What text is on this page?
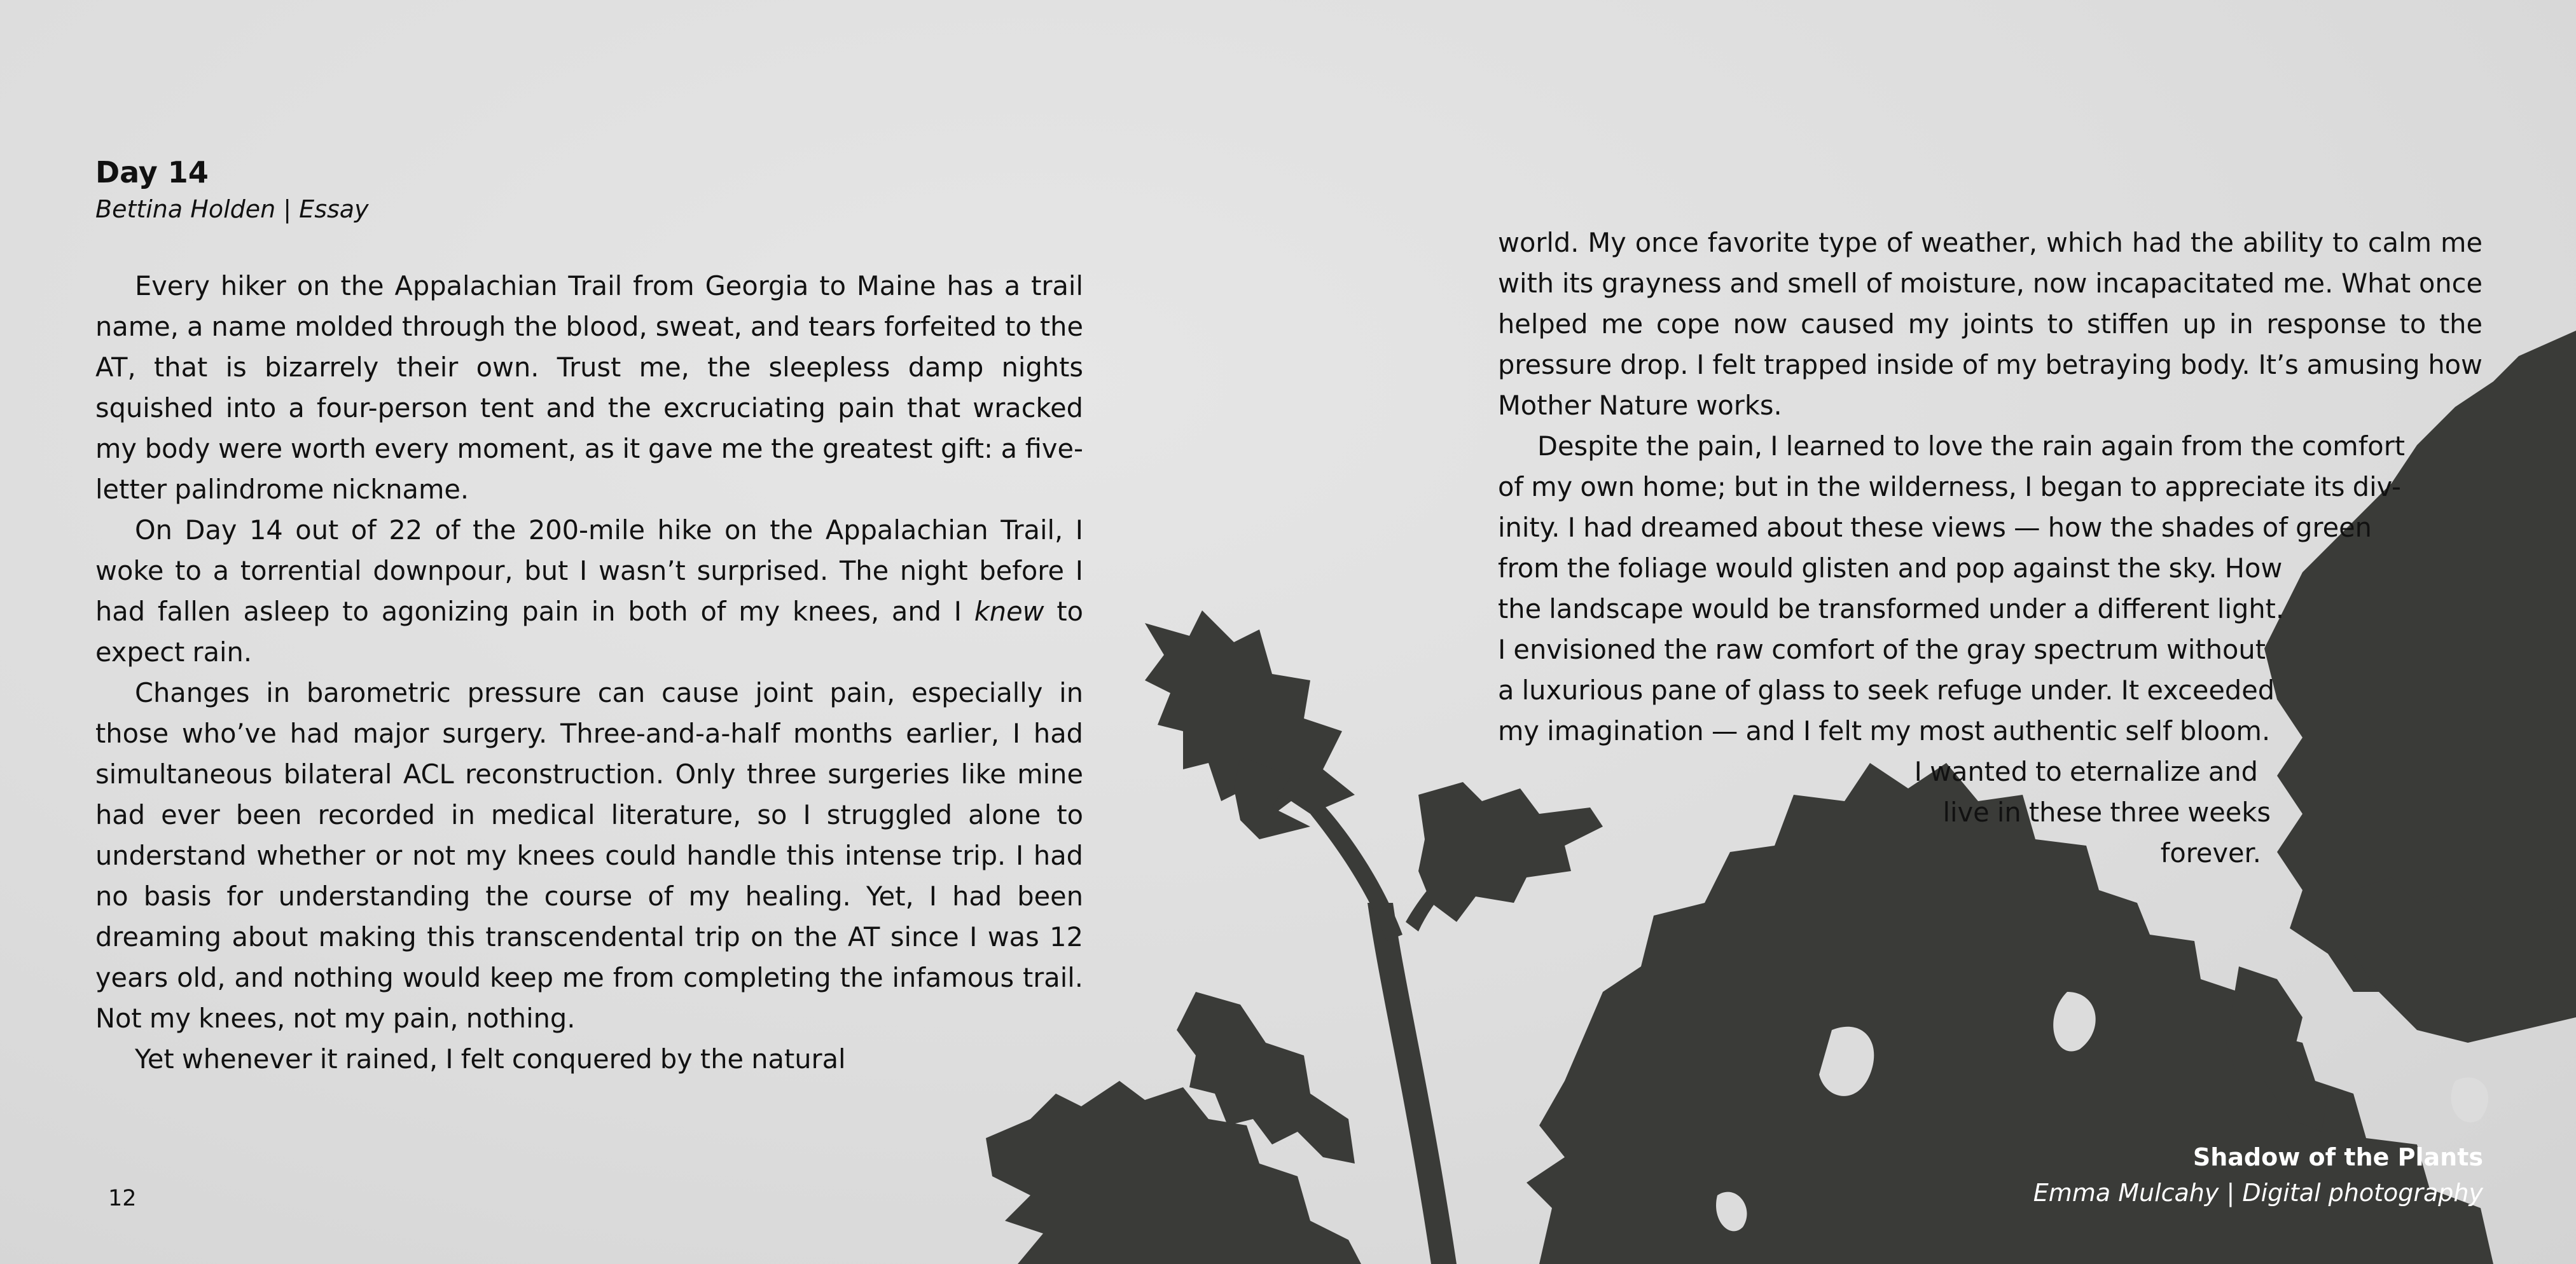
Day 14
Bettina Holden | Essay

Every hiker on the Appalachian Trail from Georgia to Maine has a trail name, a name molded through the blood, sweat, and tears forfeited to the AT, that is bizarrely their own. Trust me, the sleepless damp nights squished into a four-person tent and the excruciating pain that wracked my body were worth every moment, as it gave me the greatest gift: a five-letter palindrome nickname.

On Day 14 out of 22 of the 200-mile hike on the Appalachian Trail, I woke to a torrential downpour, but I wasn’t surprised. The night before I had fallen asleep to agonizing pain in both of my knees, and I knew to expect rain.

Changes in barometric pressure can cause joint pain, especially in those who’ve had major surgery. Three-and-a-half months earlier, I had simultaneous bilateral ACL reconstruction. Only three surgeries like mine had ever been recorded in medical literature, so I struggled alone to understand whether or not my knees could handle this intense trip. I had no basis for understanding the course of my healing. Yet, I had been dreaming about making this transcendental trip on the AT since I was 12 years old, and nothing would keep me from completing the infamous trail. Not my knees, not my pain, nothing.

Yet whenever it rained, I felt conquered by the natural

world. My once favorite type of weather, which had the ability to calm me with its grayness and smell of moisture, now incapacitated me. What once helped me cope now caused my joints to stiffen up in response to the pressure drop. I felt trapped inside of my betraying body. It’s amusing how Mother Nature works.

Despite the pain, I learned to love the rain again from the comfort
of my own home; but in the wilderness, I began to appreciate its div-
inity. I had dreamed about these views — how the shades of green
from the foliage would glisten and pop against the sky. How
the landscape would be transformed under a different light.
I envisioned the raw comfort of the gray spectrum without
a luxurious pane of glass to seek refuge under. It exceeded
my imagination — and I felt my most authentic self bloom.
I wanted to eternalize and
live in these three weeks
forever.
12
Shadow of the Plants
Emma Mulcahy | Digital photography
